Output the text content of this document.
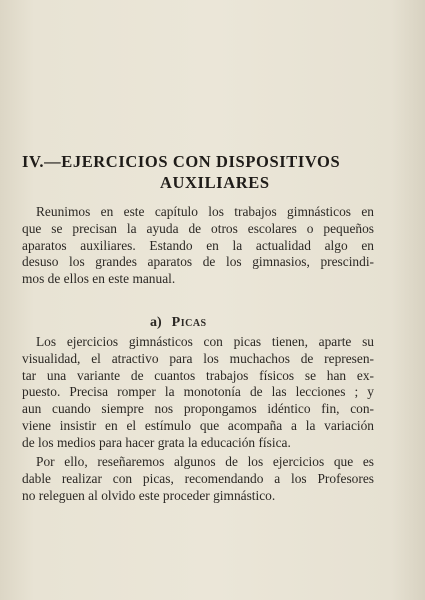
IV.—EJERCICIOS CON DISPOSITIVOS
AUXILIARES
Reunimos en este capítulo los trabajos gimnásticos en
que se precisan la ayuda de otros escolares o pequeños
aparatos auxiliares. Estando en la actualidad algo en
desuso los grandes aparatos de los gimnasios, prescindi-
mos de ellos en este manual.
a) Picas
Los ejercicios gimnásticos con picas tienen, aparte su
visualidad, el atractivo para los muchachos de represen-
tar una variante de cuantos trabajos físicos se han ex-
puesto. Precisa romper la monotonía de las lecciones ; y
aun cuando siempre nos propongamos idéntico fin, con-
viene insistir en el estímulo que acompaña a la variación
de los medios para hacer grata la educación física.
Por ello, reseñaremos algunos de los ejercicios que es
dable realizar con picas, recomendando a los Profesores
no releguen al olvido este proceder gimnástico.
